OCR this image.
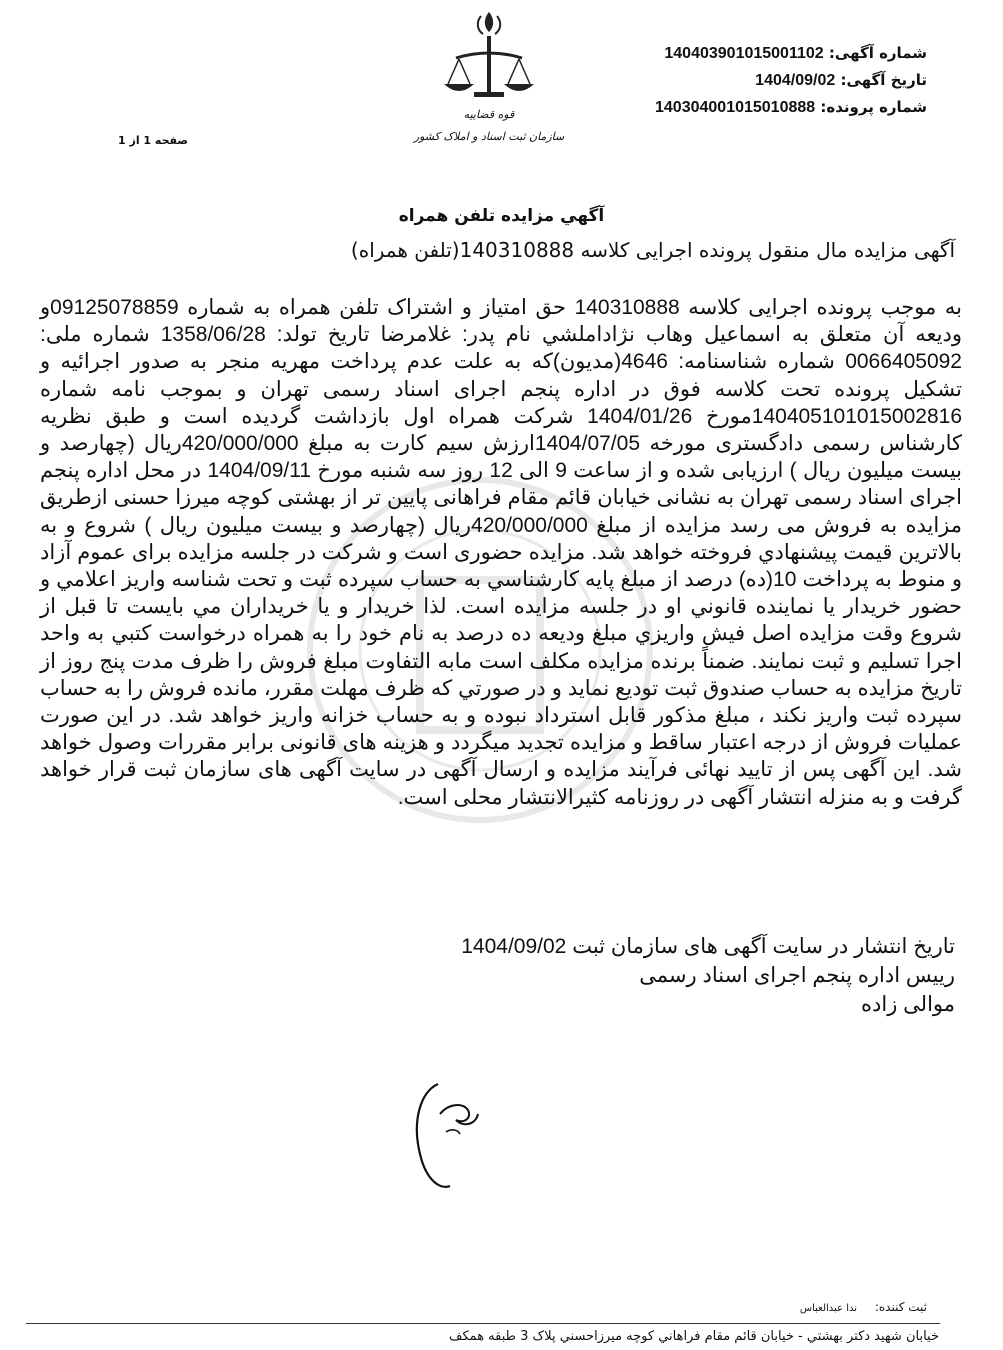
قوه قضاییه
سازمان ثبت اسناد و املاک کشور
شماره آگهی: 140403901015001102
تاریخ آگهی: 1404/09/02
شماره پرونده: 140304001015010888
صفحه 1 از 1
آگهي مزايده تلفن همراه
آگهی مزایده مال منقول پرونده اجرایی کلاسه 140310888(تلفن همراه)
به موجب پرونده اجرایی کلاسه 140310888 حق امتیاز و اشتراک تلفن همراه به شماره 09125078859و ودیعه آن متعلق به اسماعیل وهاب نژاداملشي نام پدر: غلامرضا تاریخ تولد: 1358/06/28 شماره ملی: 0066405092 شماره شناسنامه: 4646(مدیون)که به علت عدم پرداخت مهریه منجر به صدور اجرائیه و تشکیل پرونده تحت کلاسه فوق در اداره پنجم اجرای اسناد رسمی تهران و بموجب نامه شماره 140405101015002816مورخ 1404/01/26 شرکت همراه اول بازداشت گردیده است و طبق نظریه کارشناس رسمی دادگستری مورخه 1404/07/05ارزش سیم کارت به مبلغ 420/000/000ریال (چهارصد و بیست میلیون ریال ) ارزیابی شده و از ساعت 9 الی 12 روز سه شنبه مورخ 1404/09/11 در محل اداره پنجم اجرای اسناد رسمی تهران به نشانی خیابان قائم مقام فراهانی پایین تر از بهشتی کوچه میرزا حسنی ازطریق مزایده به فروش می رسد مزایده از مبلغ 420/000/000ریال (چهارصد و بیست میلیون ریال ) شروع و به بالاترین قیمت پیشنهادي فروخته خواهد شد. مزایده حضوری است و شرکت در جلسه مزایده برای عموم آزاد و منوط به پرداخت 10(ده) درصد از مبلغ پایه کارشناسي به حساب سپرده ثبت و تحت شناسه واریز اعلامي و حضور خريدار يا نماينده قانوني او در جلسه مزايده است. لذا خريدار و يا خريداران مي بايست تا قبل از شروع وقت مزايده اصل فيش واريزي مبلغ وديعه ده درصد به نام خود را به همراه درخواست کتبي به واحد اجرا تسليم و ثبت نمايند. ضمناً برنده مزایده مکلف است مابه التفاوت مبلغ فروش را ظرف مدت پنج روز از تاریخ مزایده به حساب صندوق ثبت تودیع نماید و در صورتي که ظرف مهلت مقرر، مانده فروش را به حساب سپرده ثبت واریز نکند ، مبلغ مذکور قابل استرداد نبوده و به حساب خزانه واریز خواهد شد. در این صورت عملیات فروش از درجه اعتبار ساقط و مزایده تجدید میگردد و هزینه های قانونی برابر مقررات وصول خواهد شد. این آگهی پس از تایید نهائی فرآیند مزایده و ارسال آگهی در سایت آگهی های سازمان ثبت قرار خواهد گرفت و به منزله انتشار آگهی در روزنامه کثیرالانتشار محلی است.
تاریخ انتشار در سایت آگهی های سازمان ثبت 1404/09/02
رییس اداره پنجم اجرای اسناد رسمی
موالی زاده
ثبت کننده: ندا عبدالعباس
خيابان شهيد دکتر بهشتي - خيابان قائم مقام فراهاني کوچه ميرزاحسني پلاک 3 طبقه همکف
